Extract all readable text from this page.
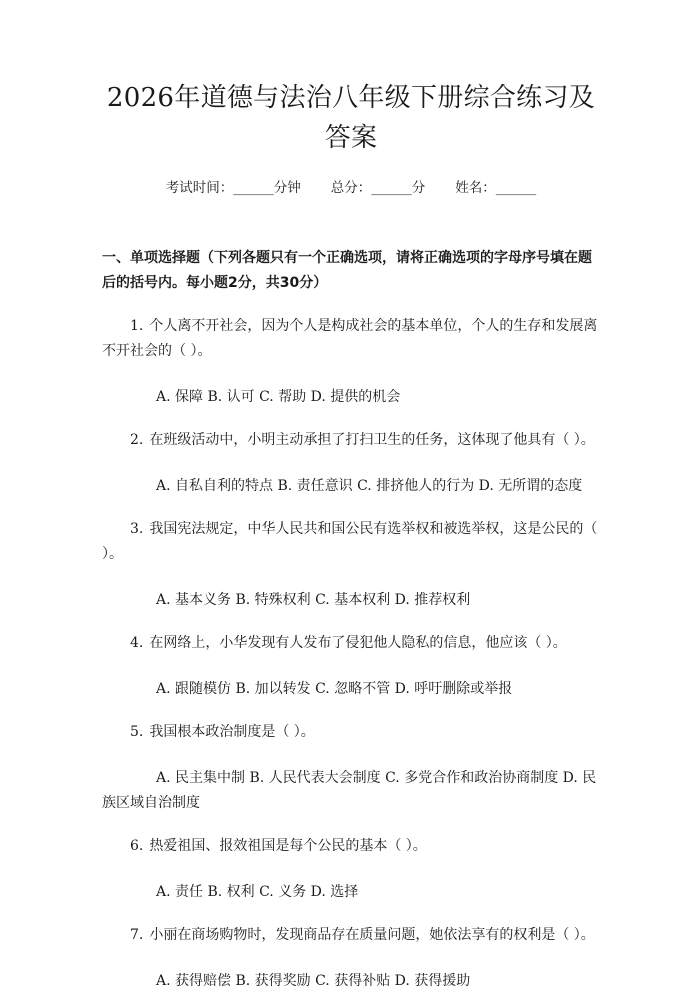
2026年道德与法治八年级下册综合练习及答案
考试时间：______分钟       总分：______分       姓名：______
一、单项选择题（下列各题只有一个正确选项，请将正确选项的字母序号填在题后的括号内。每小题2分，共30分）
1. 个人离不开社会，因为个人是构成社会的基本单位，个人的生存和发展离不开社会的（ ）。
A. 保障 B. 认可 C. 帮助 D. 提供的机会
2. 在班级活动中，小明主动承担了打扫卫生的任务，这体现了他具有（ ）。
A. 自私自利的特点 B. 责任意识 C. 排挤他人的行为 D. 无所谓的态度
3. 我国宪法规定，中华人民共和国公民有选举权和被选举权，这是公民的（ ）。
A. 基本义务 B. 特殊权利 C. 基本权利 D. 推荐权利
4. 在网络上，小华发现有人发布了侵犯他人隐私的信息，他应该（ ）。
A. 跟随模仿 B. 加以转发 C. 忽略不管 D. 呼吁删除或举报
5. 我国根本政治制度是（ ）。
A. 民主集中制 B. 人民代表大会制度 C. 多党合作和政治协商制度 D. 民族区域自治制度
6. 热爱祖国、报效祖国是每个公民的基本（ ）。
A. 责任 B. 权利 C. 义务 D. 选择
7. 小丽在商场购物时，发现商品存在质量问题，她依法享有的权利是（ ）。
A. 获得赔偿 B. 获得奖励 C. 获得补贴 D. 获得援助
